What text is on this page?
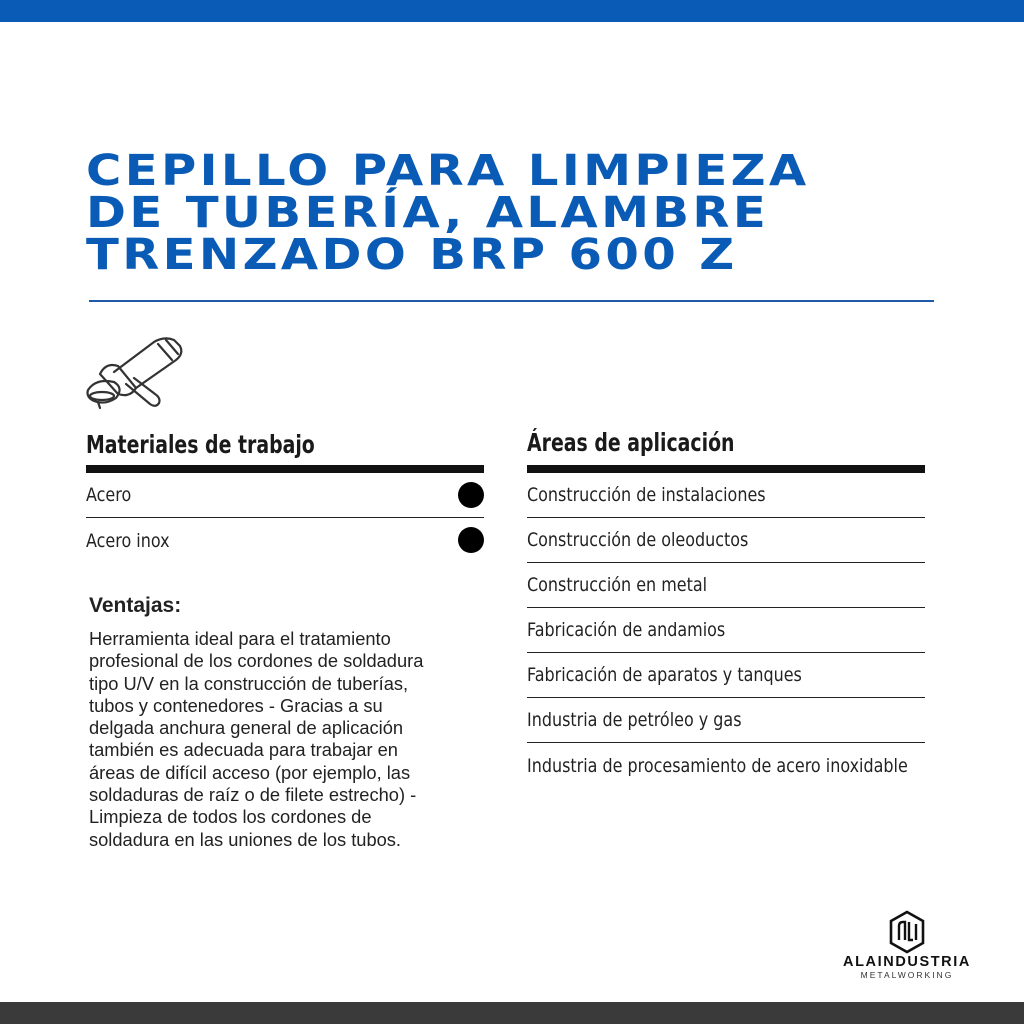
CEPILLO PARA LIMPIEZA
DE TUBERÍA, ALAMBRE
TRENZADO BRP 600 Z
Materiales de trabajo
Acero
Acero inox
Áreas de aplicación
Construcción de instalaciones
Construcción de oleoductos
Construcción en metal
Fabricación de andamios
Fabricación de aparatos y tanques
Industria de petróleo y gas
Industria de procesamiento de acero inoxidable
Ventajas:

Herramienta ideal para el tratamiento
profesional de los cordones de soldadura
tipo U/V en la construcción de tuberías,
tubos y contenedores - Gracias a su
delgada anchura general de aplicación
también es adecuada para trabajar en
áreas de difícil acceso (por ejemplo, las
soldaduras de raíz o de filete estrecho) -
Limpieza de todos los cordones de
soldadura en las uniones de los tubos.

ALAINDUSTRIA
METALWORKING
